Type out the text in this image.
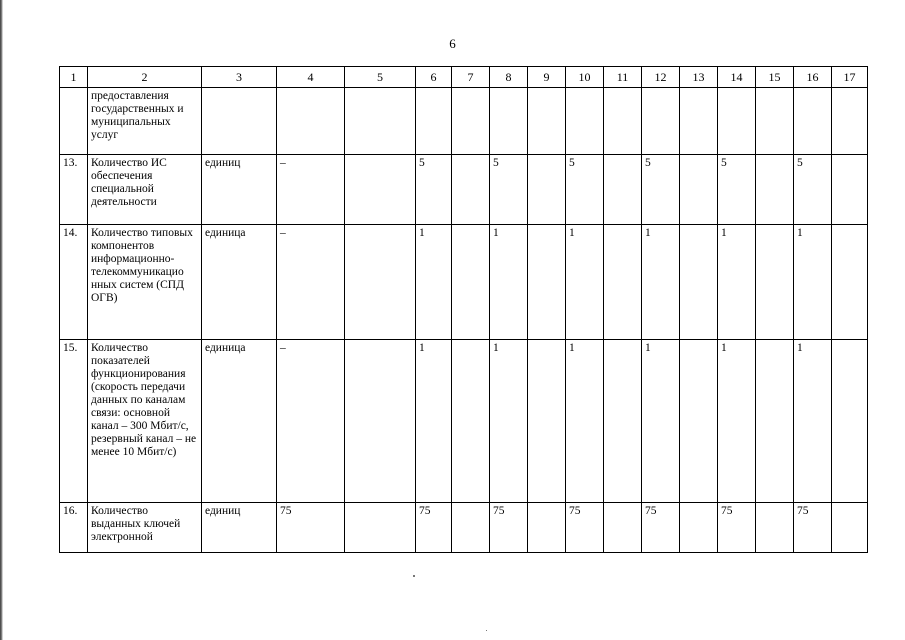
6
1	2	3	4	5	6	7	8	9	10	11	12	13	14	15	16	17
	предоставления государственных и муниципальных услуг															
13.	Количество ИС обеспечения специальной деятельности	единиц	–		5		5		5		5		5		5	
14.	Количество типовых компонентов информационно-телекоммуникацио нных систем (СПД ОГВ)	единица	–		1		1		1		1		1		1	
15.	Количество показателей функционирования (скорость передачи данных по каналам связи: основной канал – 300 Мбит/с, резервный канал – не менее 10 Мбит/с)	единица	–		1		1		1		1		1		1	
16.	Количество выданных ключей электронной	единиц	75		75		75		75		75		75		75	
